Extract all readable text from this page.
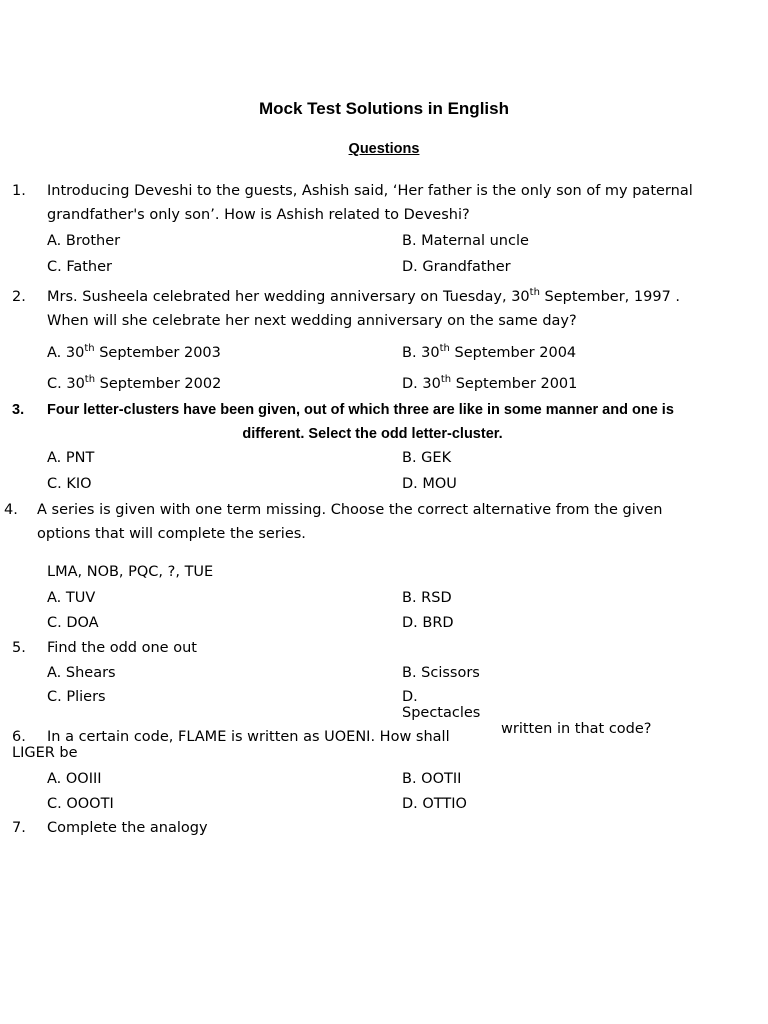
Mock Test Solutions in English
Questions
1. Introducing Deveshi to the guests, Ashish said, ‘Her father is the only son of my paternal
grandfather's only son’. How is Ashish related to Deveshi?
A. Brother	B. Maternal uncle
C. Father	D. Grandfather
2. Mrs. Susheela celebrated her wedding anniversary on Tuesday, 30th September, 1997 .
When will she celebrate her next wedding anniversary on the same day?
A. 30th September 2003	B. 30th September 2004
C. 30th September 2002	D. 30th September 2001
3. Four letter-clusters have been given, out of which three are like in some manner and one is
different. Select the odd letter-cluster.
A. PNT	B. GEK
C. KIO	D. MOU
4. A series is given with one term missing. Choose the correct alternative from the given
options that will complete the series.
LMA, NOB, PQC, ?, TUE
A. TUV	B. RSD
C. DOA	D. BRD
5. Find the odd one out
A. Shears	B. Scissors
C. Pliers	D.
Spectacles
6. In a certain code, FLAME is written as UOENI. How shall	written in that code?
LIGER be
A. OOIII	B. OOTII
C. OOOTI	D. OTTIO
7. Complete the analogy
